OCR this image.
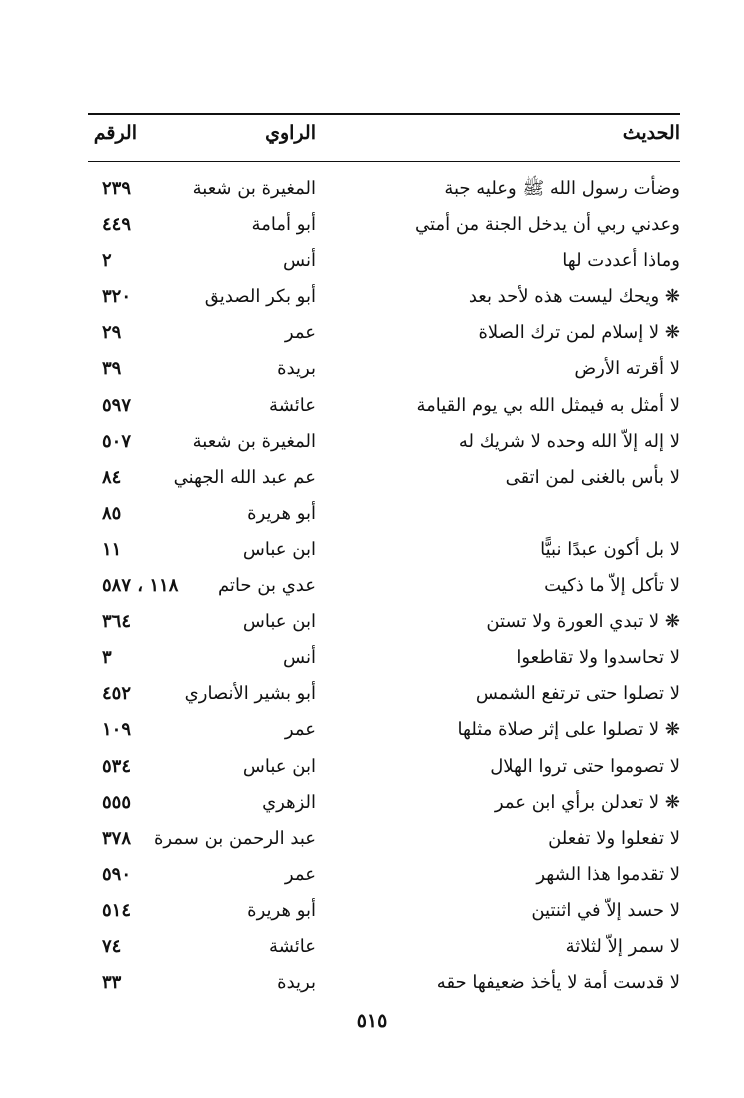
الحديث
الراوي
الرقم
وضأت رسول الله ﷺ وعليه جبة
المغيرة بن شعبة
٢٣٩
وعدني ربي أن يدخل الجنة من أمتي
أبو أمامة
٤٤٩
وماذا أعددت لها
أنس
٢
❋ ويحك ليست هذه لأحد بعد
أبو بكر الصديق
٣٢٠
❋ لا إسلام لمن ترك الصلاة
عمر
٢٩
لا أقرته الأرض
بريدة
٣٩
لا أمثل به فيمثل الله بي يوم القيامة
عائشة
٥٩٧
لا إله إلاّ الله وحده لا شريك له
المغيرة بن شعبة
٥٠٧
لا بأس بالغنى لمن اتقى
عم عبد الله الجهني
٨٤
أبو هريرة
٨٥
لا بل أكون عبدًا نبيًّا
ابن عباس
١١
لا تأكل إلاّ ما ذكيت
عدي بن حاتم
١١٨ ، ٥٨٧
❋ لا تبدي العورة ولا تستن
ابن عباس
٣٦٤
لا تحاسدوا ولا تقاطعوا
أنس
٣
لا تصلوا حتى ترتفع الشمس
أبو بشير الأنصاري
٤٥٢
❋ لا تصلوا على إثر صلاة مثلها
عمر
١٠٩
لا تصوموا حتى تروا الهلال
ابن عباس
٥٣٤
❋ لا تعدلن برأي ابن عمر
الزهري
٥٥٥
لا تفعلوا ولا تفعلن
عبد الرحمن بن سمرة
٣٧٨
لا تقدموا هذا الشهر
عمر
٥٩٠
لا حسد إلاّ في اثنتين
أبو هريرة
٥١٤
لا سمر إلاّ لثلاثة
عائشة
٧٤
لا قدست أمة لا يأخذ ضعيفها حقه
بريدة
٣٣
٥١٥
